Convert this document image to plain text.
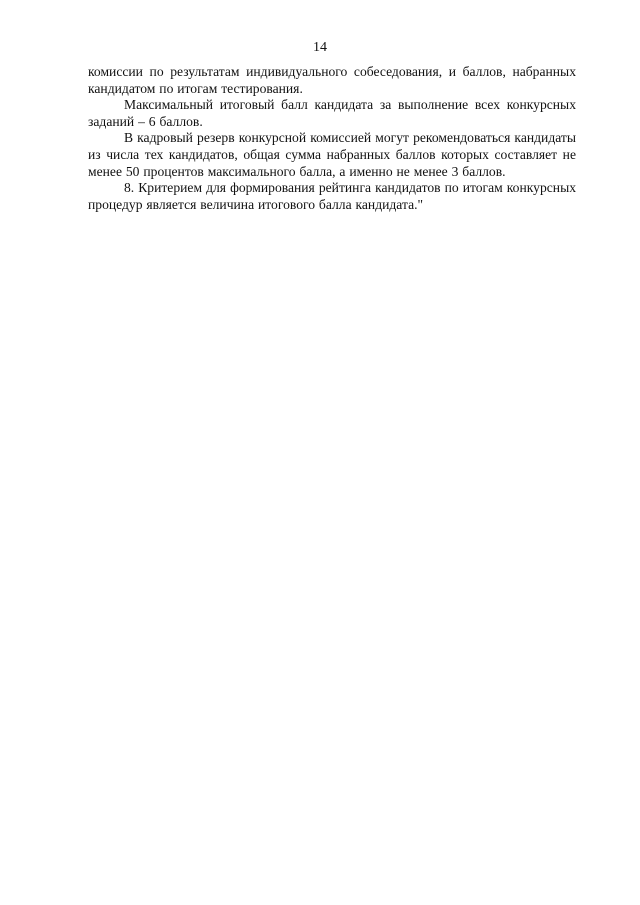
14

комиссии по результатам индивидуального собеседования, и баллов, набранных кандидатом по итогам тестирования.

Максимальный итоговый балл кандидата за выполнение всех конкурсных заданий – 6 баллов.

В кадровый резерв конкурсной комиссией могут рекомендоваться кандидаты из числа тех кандидатов, общая сумма набранных баллов которых составляет не менее 50 процентов максимального балла, а именно не менее 3 баллов.

8. Критерием для формирования рейтинга кандидатов по итогам конкурсных процедур является величина итогового балла кандидата."
